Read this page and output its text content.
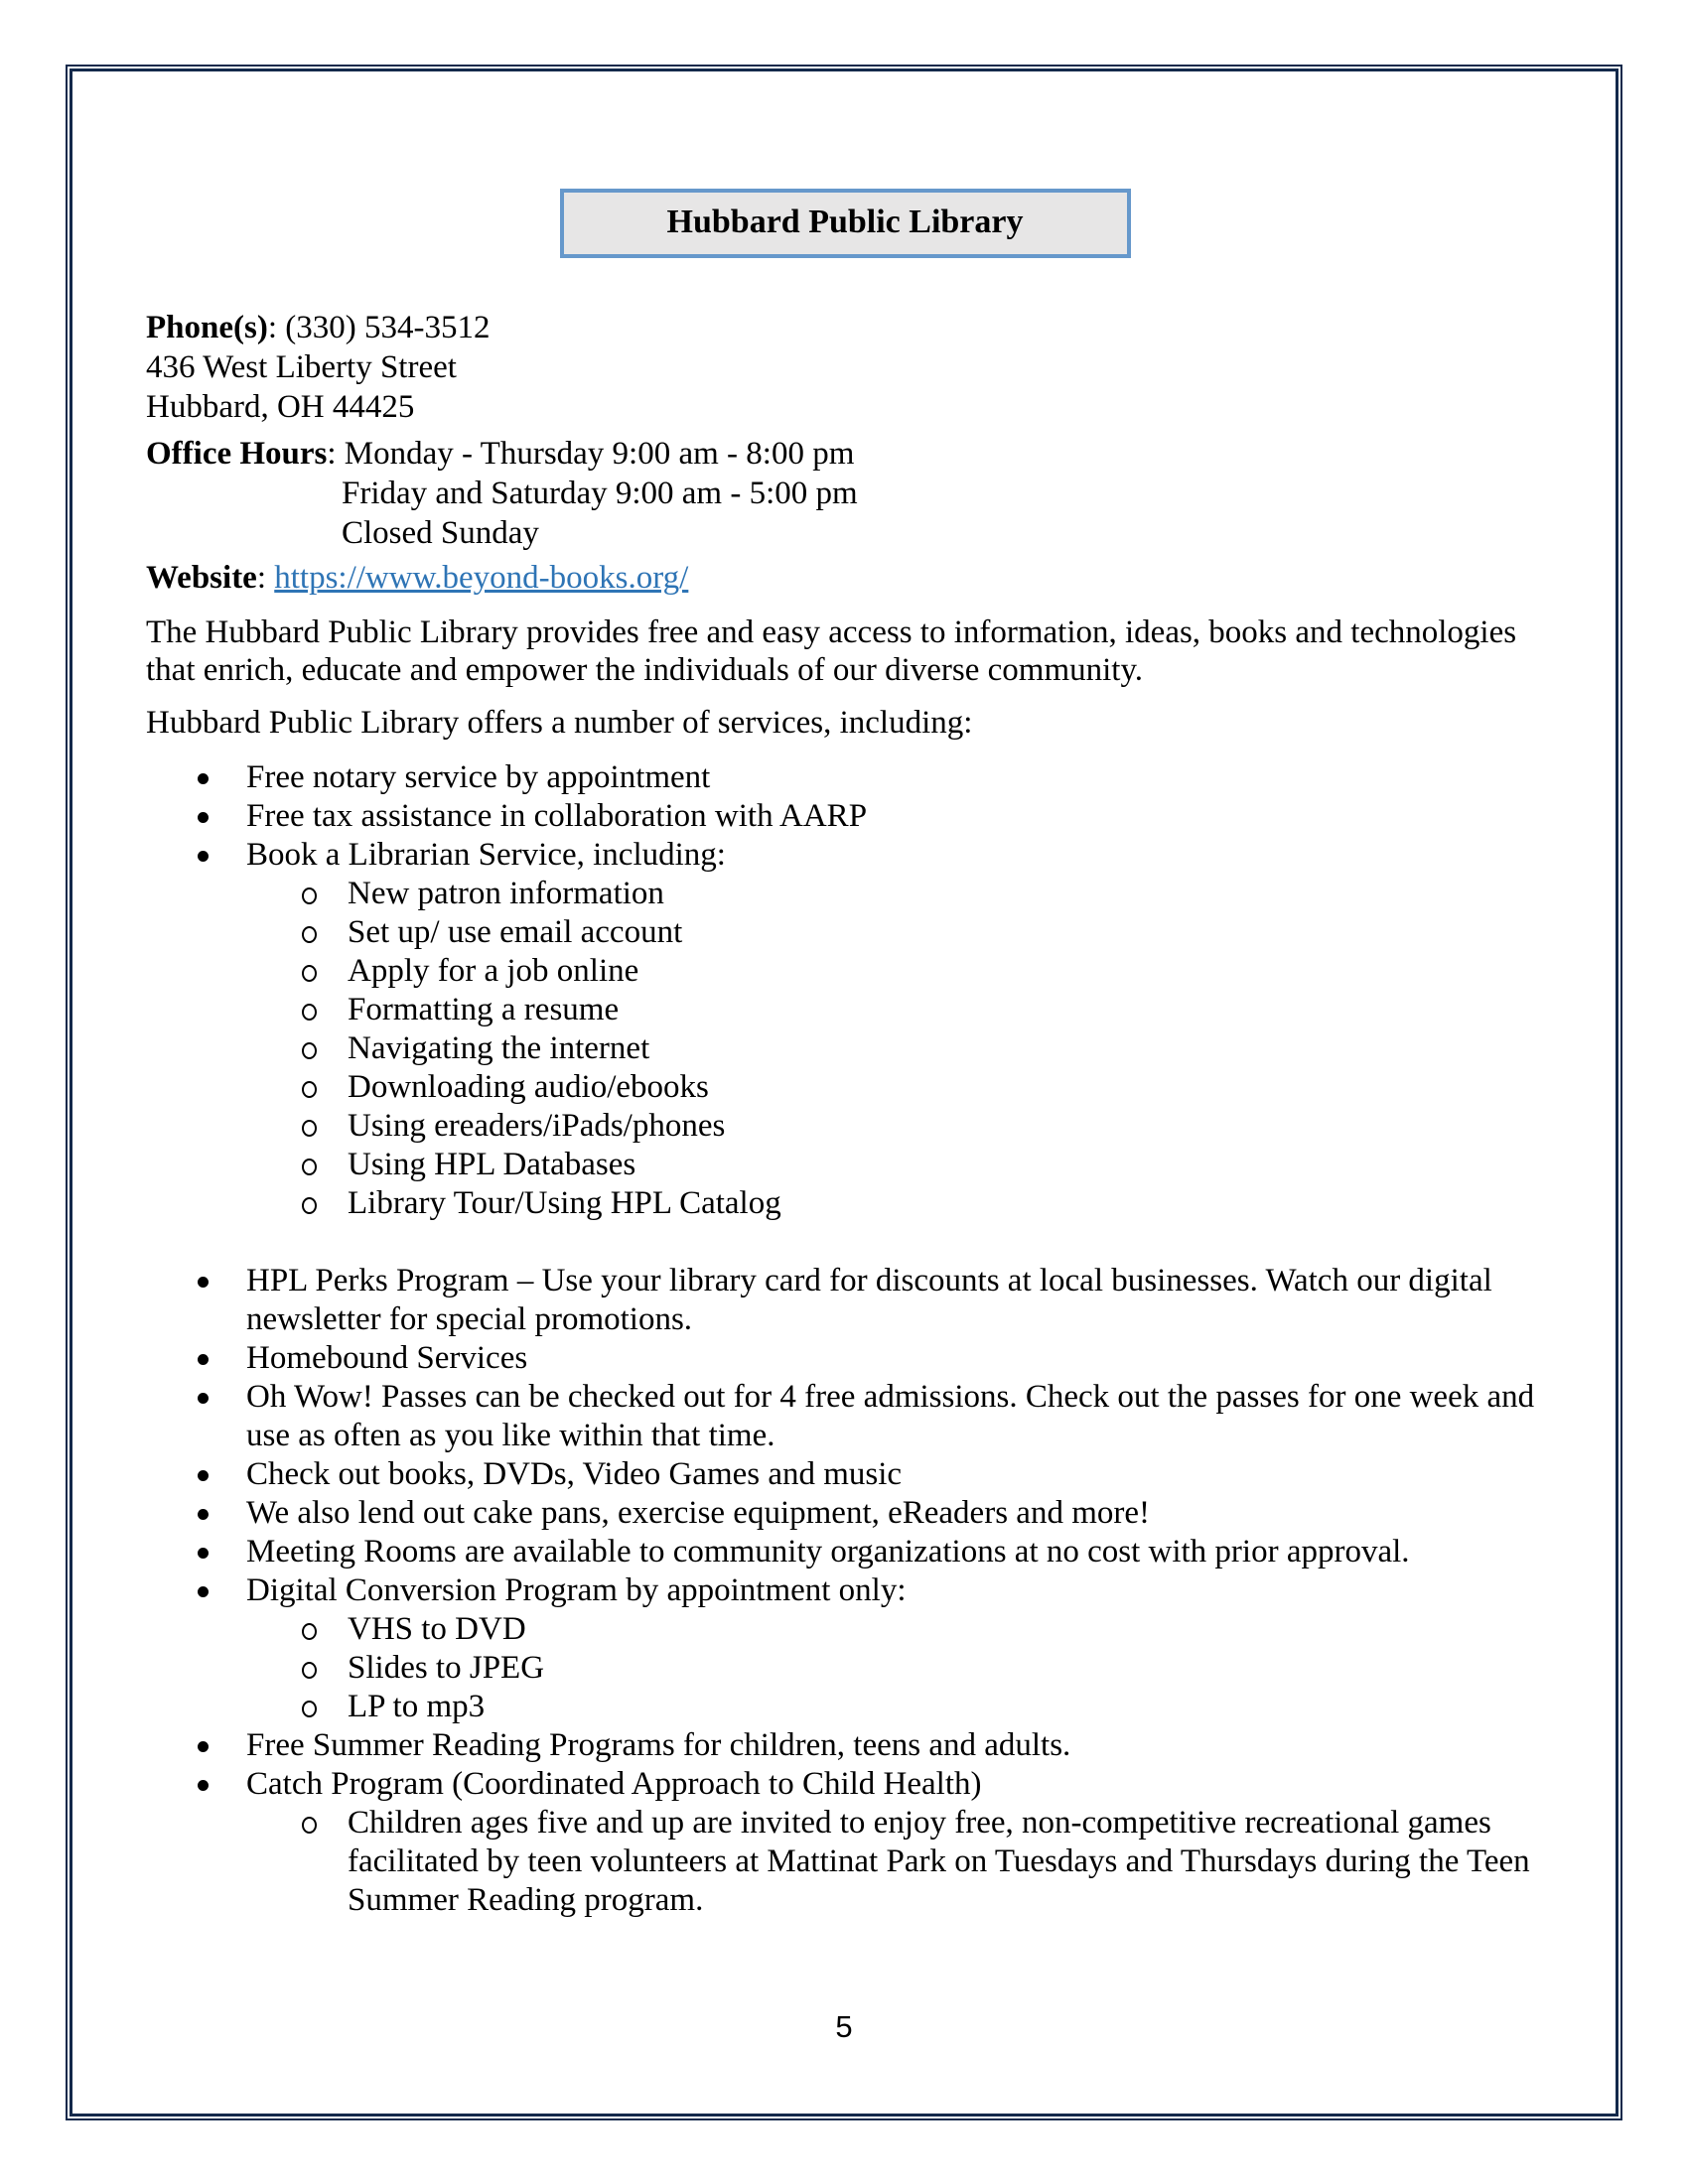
Hubbard Public Library
Phone(s): (330) 534-3512
436 West Liberty Street
Hubbard, OH 44425
Office Hours: Monday - Thursday 9:00 am - 8:00 pm
Friday and Saturday 9:00 am - 5:00 pm
Closed Sunday
Website: https://www.beyond-books.org/
The Hubbard Public Library provides free and easy access to information, ideas, books and technologies that enrich, educate and empower the individuals of our diverse community.
Hubbard Public Library offers a number of services, including:
Free notary service by appointment
Free tax assistance in collaboration with AARP
Book a Librarian Service, including:
New patron information
Set up/ use email account
Apply for a job online
Formatting a resume
Navigating the internet
Downloading audio/ebooks
Using ereaders/iPads/phones
Using HPL Databases
Library Tour/Using HPL Catalog
HPL Perks Program – Use your library card for discounts at local businesses. Watch our digital newsletter for special promotions.
Homebound Services
Oh Wow! Passes can be checked out for 4 free admissions. Check out the passes for one week and use as often as you like within that time.
Check out books, DVDs, Video Games and music
We also lend out cake pans, exercise equipment, eReaders and more!
Meeting Rooms are available to community organizations at no cost with prior approval.
Digital Conversion Program by appointment only:
VHS to DVD
Slides to JPEG
LP to mp3
Free Summer Reading Programs for children, teens and adults.
Catch Program (Coordinated Approach to Child Health)
Children ages five and up are invited to enjoy free, non-competitive recreational games facilitated by teen volunteers at Mattinat Park on Tuesdays and Thursdays during the Teen Summer Reading program.
5
